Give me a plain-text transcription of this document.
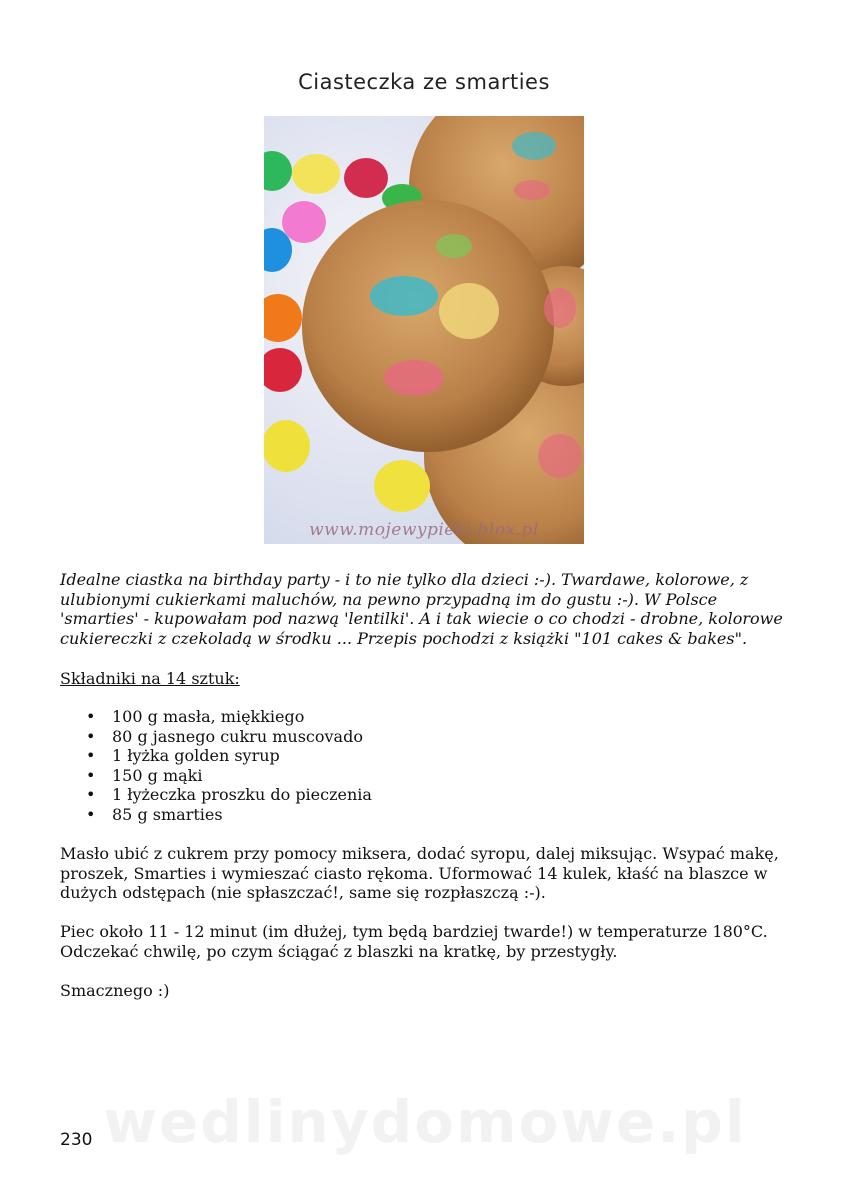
Ciasteczka ze smarties
www.mojewypieki.blox.pl

Idealne ciastka na birthday party - i to nie tylko dla dzieci :-). Twardawe, kolorowe, z ulubionymi cukierkami maluchów, na pewno przypadną im do gustu :-). W Polsce 'smarties' - kupowałam pod nazwą 'lentilki'. A i tak wiecie o co chodzi - drobne, kolorowe cukiereczki z czekoladą w środku ... Przepis pochodzi z książki "101 cakes & bakes".

Składniki na 14 sztuk:

• 100 g masła, miękkiego
• 80 g jasnego cukru muscovado
• 1 łyżka golden syrup
• 150 g mąki
• 1 łyżeczka proszku do pieczenia
• 85 g smarties

Masło ubić z cukrem przy pomocy miksera, dodać syropu, dalej miksując. Wsypać makę, proszek, Smarties i wymieszać ciasto rękoma. Uformować 14 kulek, kłaść na blaszce w dużych odstępach (nie spłaszczać!, same się rozpłaszczą :-).

Piec około 11 - 12 minut (im dłużej, tym będą bardziej twarde!) w temperaturze 180°C. Odczekać chwilę, po czym ściągać z blaszki na kratkę, by przestygły.

Smacznego :)

wedlinydomowe.pl
230
